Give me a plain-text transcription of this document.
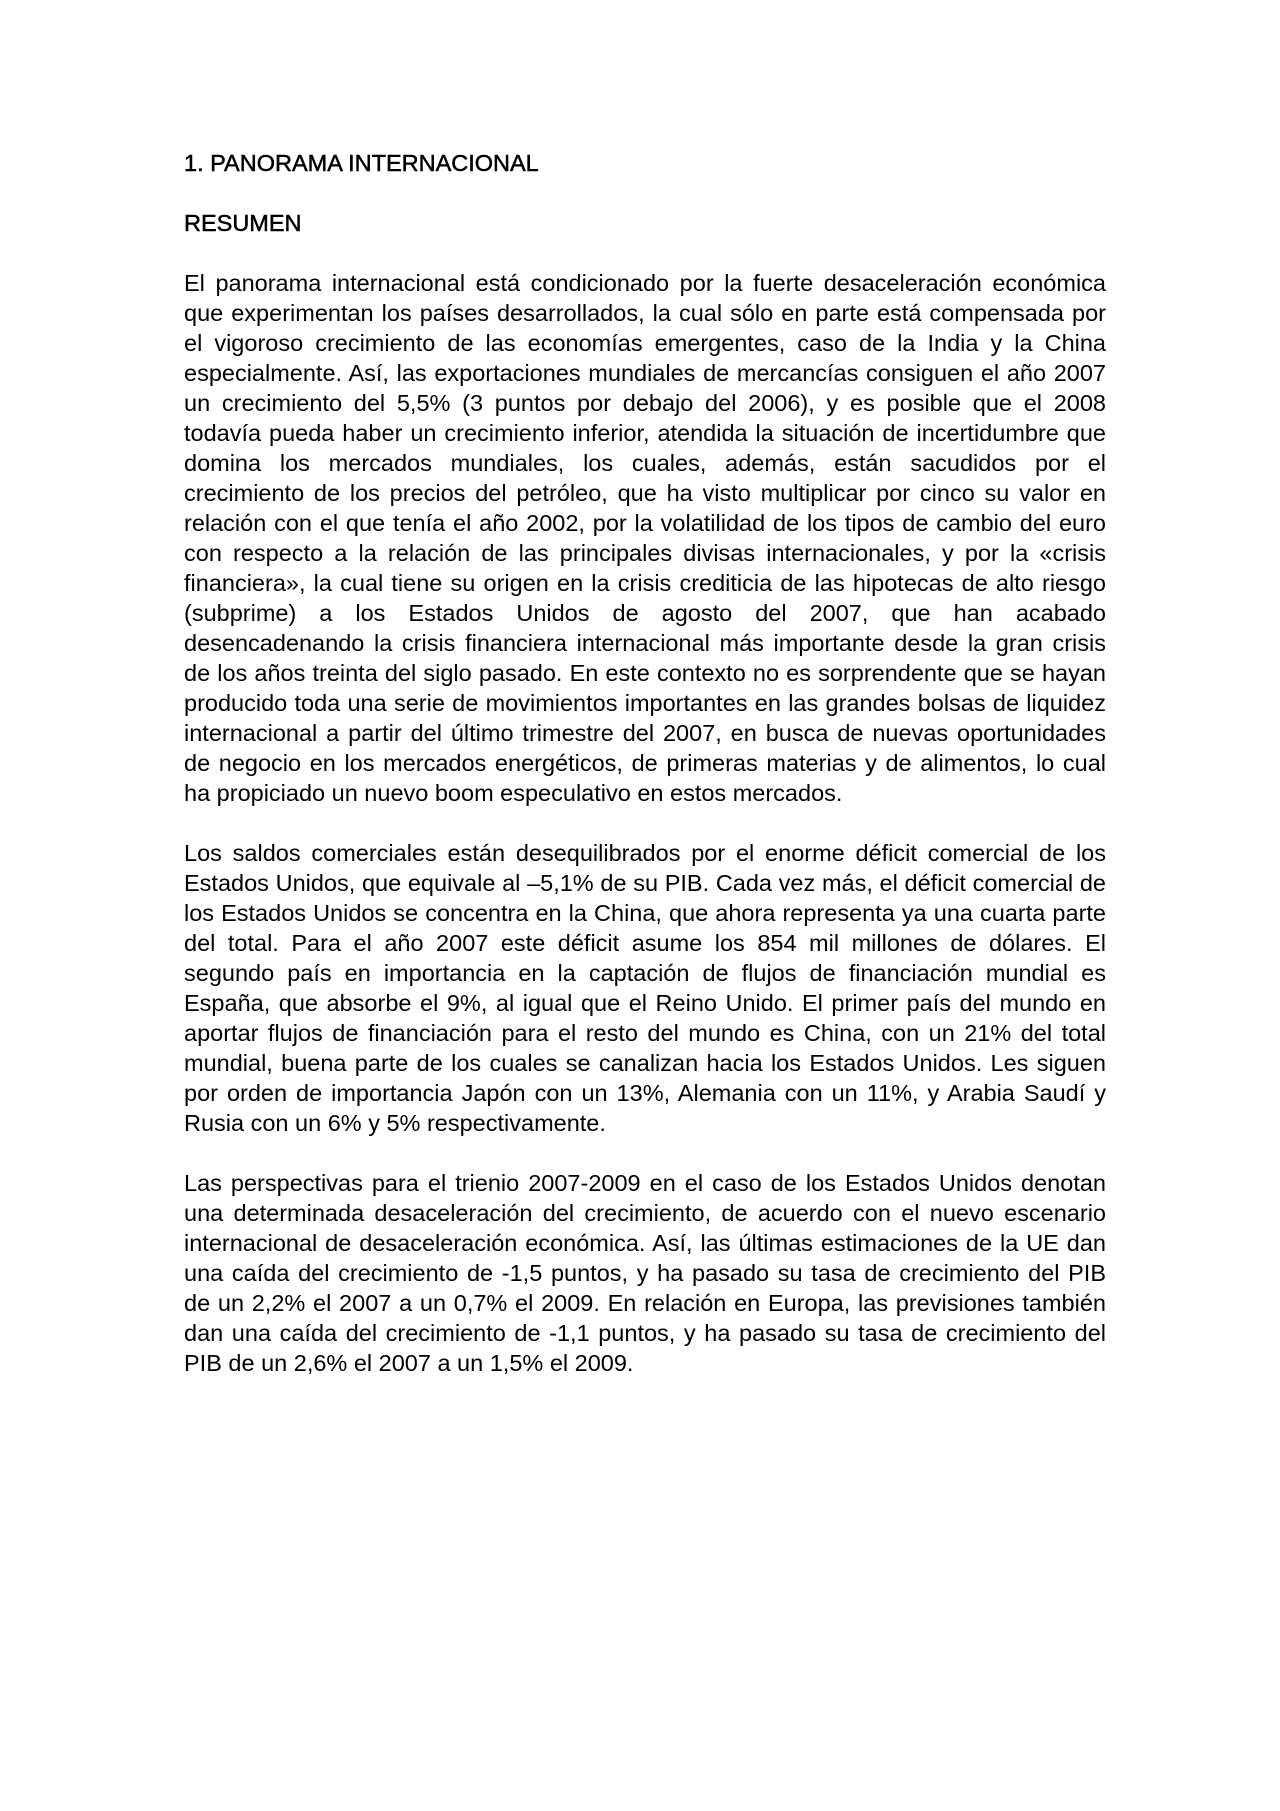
1. PANORAMA INTERNACIONAL
RESUMEN

El panorama internacional está condicionado por la fuerte desaceleración económica que experimentan los países desarrollados, la cual sólo en parte está compensada por el vigoroso crecimiento de las economías emergentes, caso de la India y la China especialmente. Así, las exportaciones mundiales de mercancías consiguen el año 2007 un crecimiento del 5,5% (3 puntos por debajo del 2006), y es posible que el 2008 todavía pueda haber un crecimiento inferior, atendida la situación de incertidumbre que domina los mercados mundiales, los cuales, además, están sacudidos por el crecimiento de los precios del petróleo, que ha visto multiplicar por cinco su valor en relación con el que tenía el año 2002, por la volatilidad de los tipos de cambio del euro con respecto a la relación de las principales divisas internacionales, y por la «crisis financiera», la cual tiene su origen en la crisis crediticia de las hipotecas de alto riesgo (subprime) a los Estados Unidos de agosto del 2007, que han acabado desencadenando la crisis financiera internacional más importante desde la gran crisis de los años treinta del siglo pasado. En este contexto no es sorprendente que se hayan producido toda una serie de movimientos importantes en las grandes bolsas de liquidez internacional a partir del último trimestre del 2007, en busca de nuevas oportunidades de negocio en los mercados energéticos, de primeras materias y de alimentos, lo cual ha propiciado un nuevo boom especulativo en estos mercados.

Los saldos comerciales están desequilibrados por el enorme déficit comercial de los Estados Unidos, que equivale al –5,1% de su PIB. Cada vez más, el déficit comercial de los Estados Unidos se concentra en la China, que ahora representa ya una cuarta parte del total. Para el año 2007 este déficit asume los 854 mil millones de dólares. El segundo país en importancia en la captación de flujos de financiación mundial es España, que absorbe el 9%, al igual que el Reino Unido. El primer país del mundo en aportar flujos de financiación para el resto del mundo es China, con un 21% del total mundial, buena parte de los cuales se canalizan hacia los Estados Unidos. Les siguen por orden de importancia Japón con un 13%, Alemania con un 11%, y Arabia Saudí y Rusia con un 6% y 5% respectivamente.

Las perspectivas para el trienio 2007-2009 en el caso de los Estados Unidos denotan una determinada desaceleración del crecimiento, de acuerdo con el nuevo escenario internacional de desaceleración económica. Así, las últimas estimaciones de la UE dan una caída del crecimiento de -1,5 puntos, y ha pasado su tasa de crecimiento del PIB de un 2,2% el 2007 a un 0,7% el 2009. En relación en Europa, las previsiones también dan una caída del crecimiento de -1,1 puntos, y ha pasado su tasa de crecimiento del PIB de un 2,6% el 2007 a un 1,5% el 2009.
